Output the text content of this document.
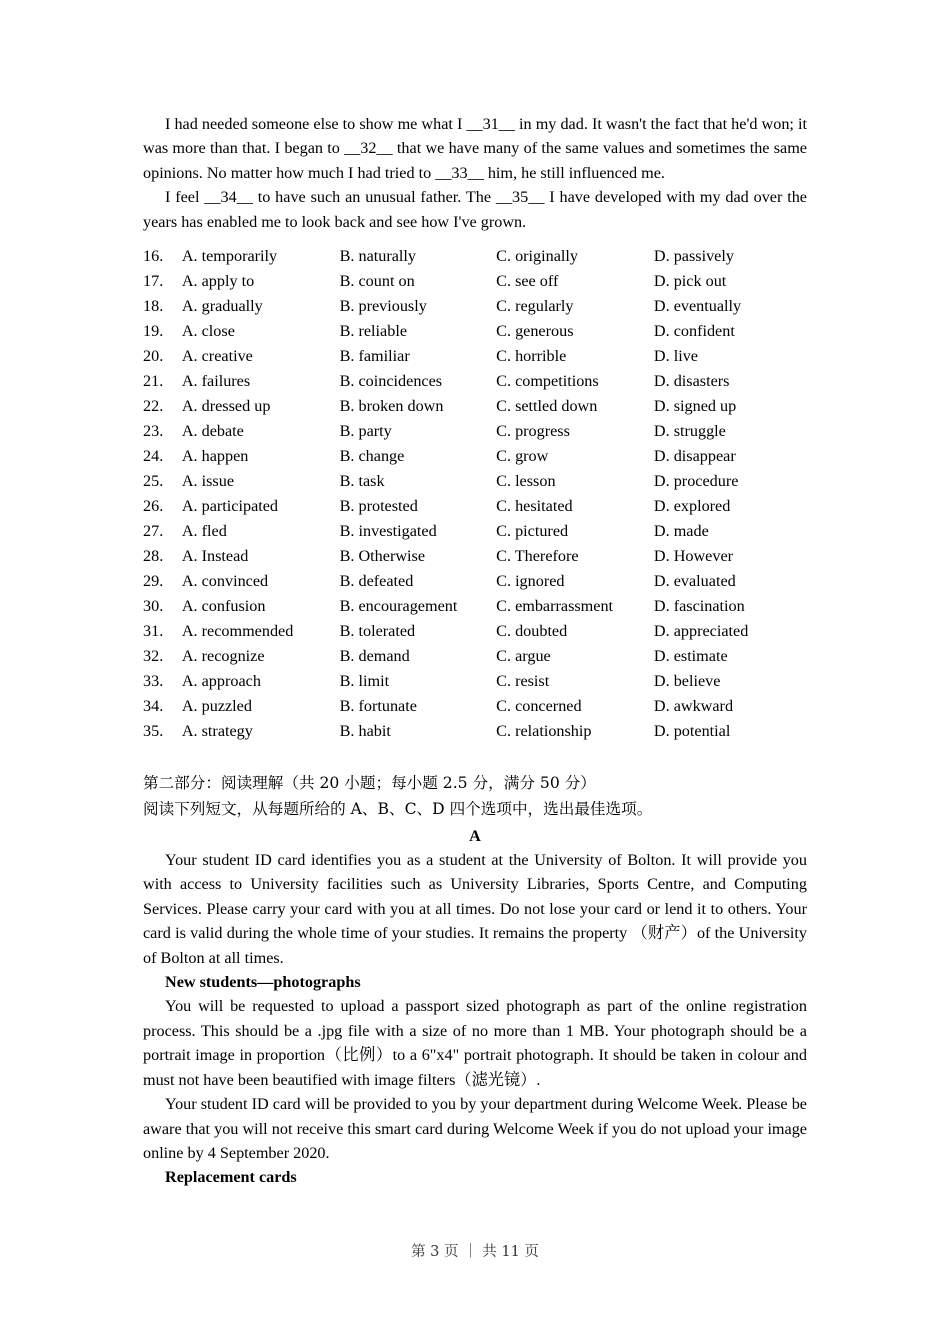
I had needed someone else to show me what I __31__ in my dad. It wasn't the fact that he'd won; it was more than that. I began to __32__ that we have many of the same values and sometimes the same opinions. No matter how much I had tried to __33__ him, he still influenced me.

I feel __34__ to have such an unusual father. The __35__ I have developed with my dad over the years has enabled me to look back and see how I've grown.

16.	A. temporarily	B. naturally	C. originally	D. passively
17.	A. apply to	B. count on	C. see off	D. pick out
18.	A. gradually	B. previously	C. regularly	D. eventually
19.	A. close	B. reliable	C. generous	D. confident
20.	A. creative	B. familiar	C. horrible	D. live
21.	A. failures	B. coincidences	C. competitions	D. disasters
22.	A. dressed up	B. broken down	C. settled down	D. signed up
23.	A. debate	B. party	C. progress	D. struggle
24.	A. happen	B. change	C. grow	D. disappear
25.	A. issue	B. task	C. lesson	D. procedure
26.	A. participated	B. protested	C. hesitated	D. explored
27.	A. fled	B. investigated	C. pictured	D. made
28.	A. Instead	B. Otherwise	C. Therefore	D. However
29.	A. convinced	B. defeated	C. ignored	D. evaluated
30.	A. confusion	B. encouragement	C. embarrassment	D. fascination
31.	A. recommended	B. tolerated	C. doubted	D. appreciated
32.	A. recognize	B. demand	C. argue	D. estimate
33.	A. approach	B. limit	C. resist	D. believe
34.	A. puzzled	B. fortunate	C. concerned	D. awkward
35.	A. strategy	B. habit	C. relationship	D. potential
第二部分：阅读理解（共 20 小题；每小题 2.5 分，满分 50 分）
阅读下列短文，从每题所给的 A、B、C、D 四个选项中，选出最佳选项。
A

Your student ID card identifies you as a student at the University of Bolton. It will provide you with access to University facilities such as University Libraries, Sports Centre, and Computing Services. Please carry your card with you at all times. Do not lose your card or lend it to others. Your card is valid during the whole time of your studies. It remains the property （财产）of the University of Bolton at all times.

New students—photographs

You will be requested to upload a passport sized photograph as part of the online registration process. This should be a .jpg file with a size of no more than 1 MB. Your photograph should be a portrait image in proportion（比例）to a 6"x4" portrait photograph. It should be taken in colour and must not have been beautified with image filters（滤光镜）.

Your student ID card will be provided to you by your department during Welcome Week. Please be aware that you will not receive this smart card during Welcome Week if you do not upload your image online by 4 September 2020.

Replacement cards

第 3 页 ｜ 共 11 页
